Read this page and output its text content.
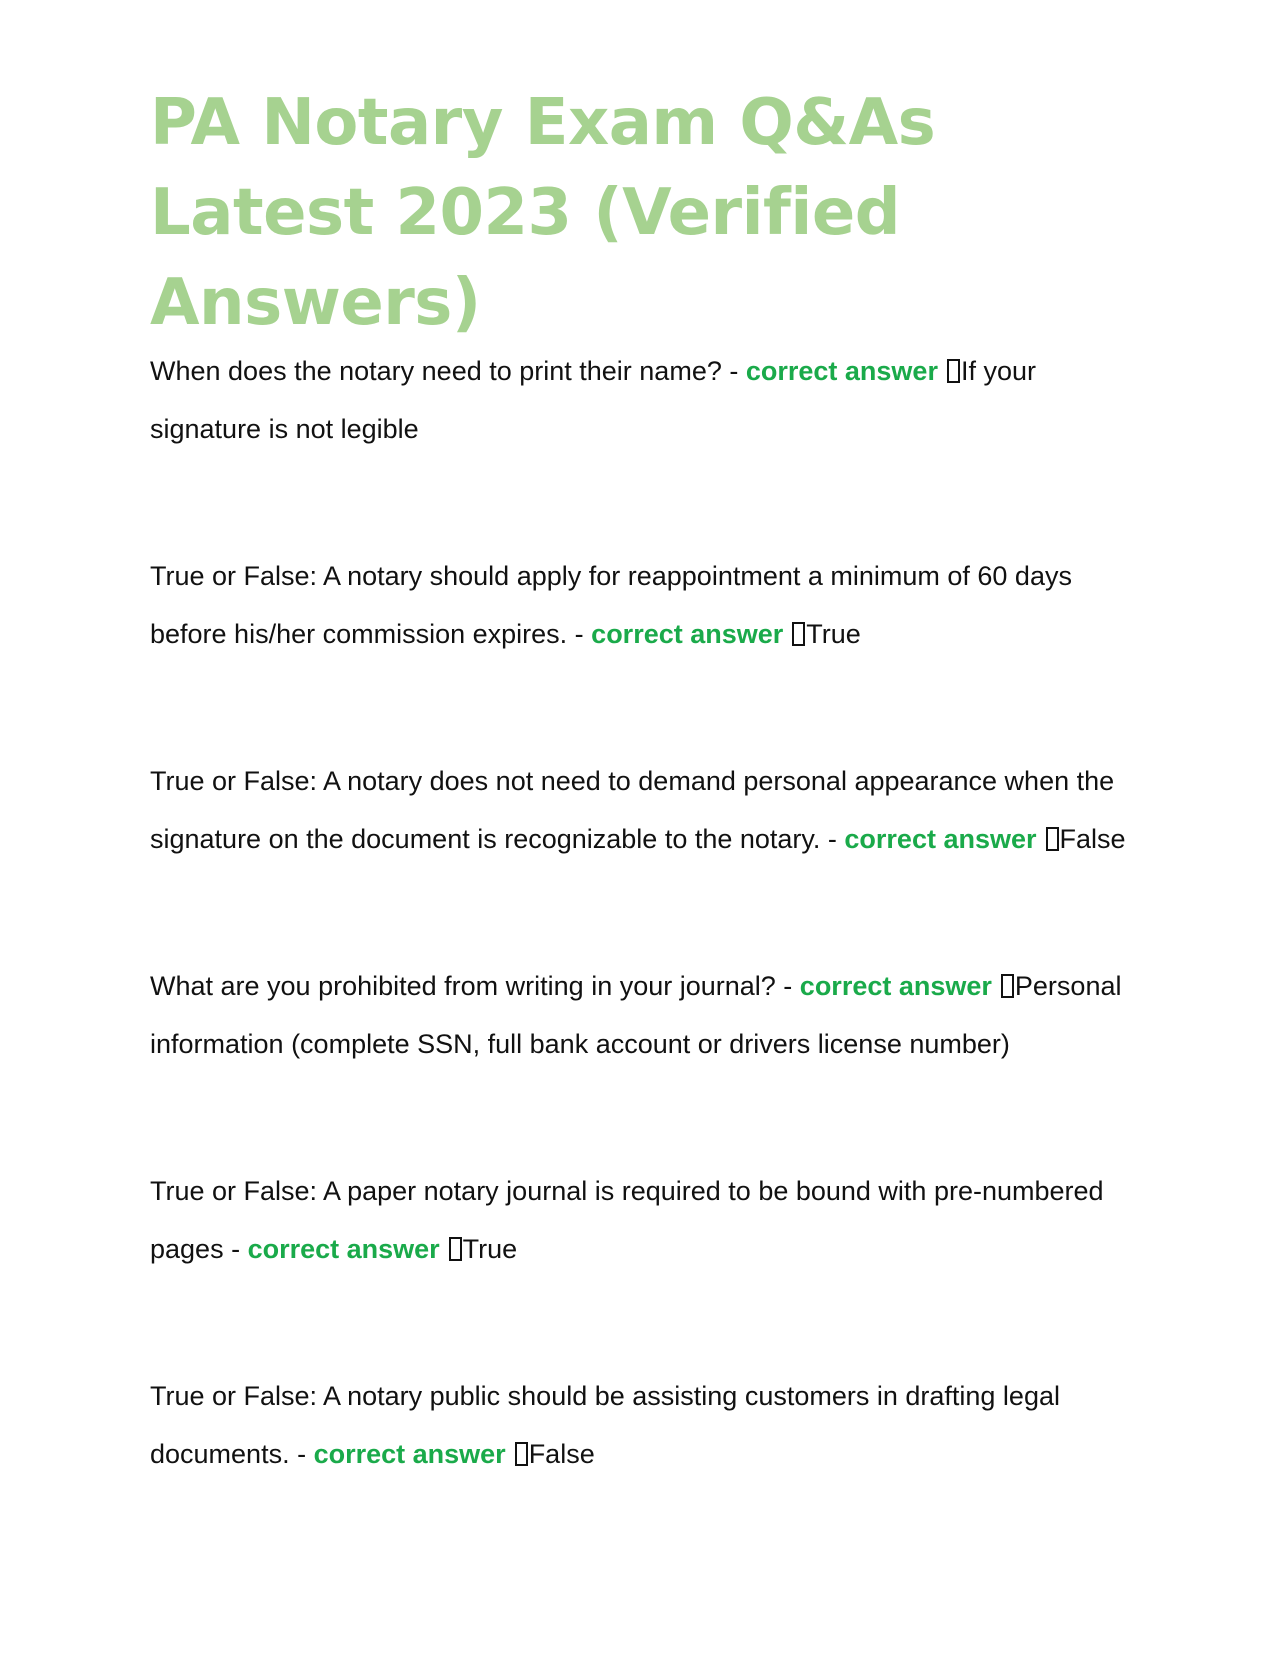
PA Notary Exam Q&As Latest 2023 (Verified Answers)
When does the notary need to print their name? - correct answer If your signature is not legible
True or False: A notary should apply for reappointment a minimum of 60 days before his/her commission expires. - correct answer True
True or False: A notary does not need to demand personal appearance when the signature on the document is recognizable to the notary. - correct answer False
What are you prohibited from writing in your journal? - correct answer Personal information (complete SSN, full bank account or drivers license number)
True or False: A paper notary journal is required to be bound with pre-numbered pages - correct answer True
True or False: A notary public should be assisting customers in drafting legal documents. - correct answer False
